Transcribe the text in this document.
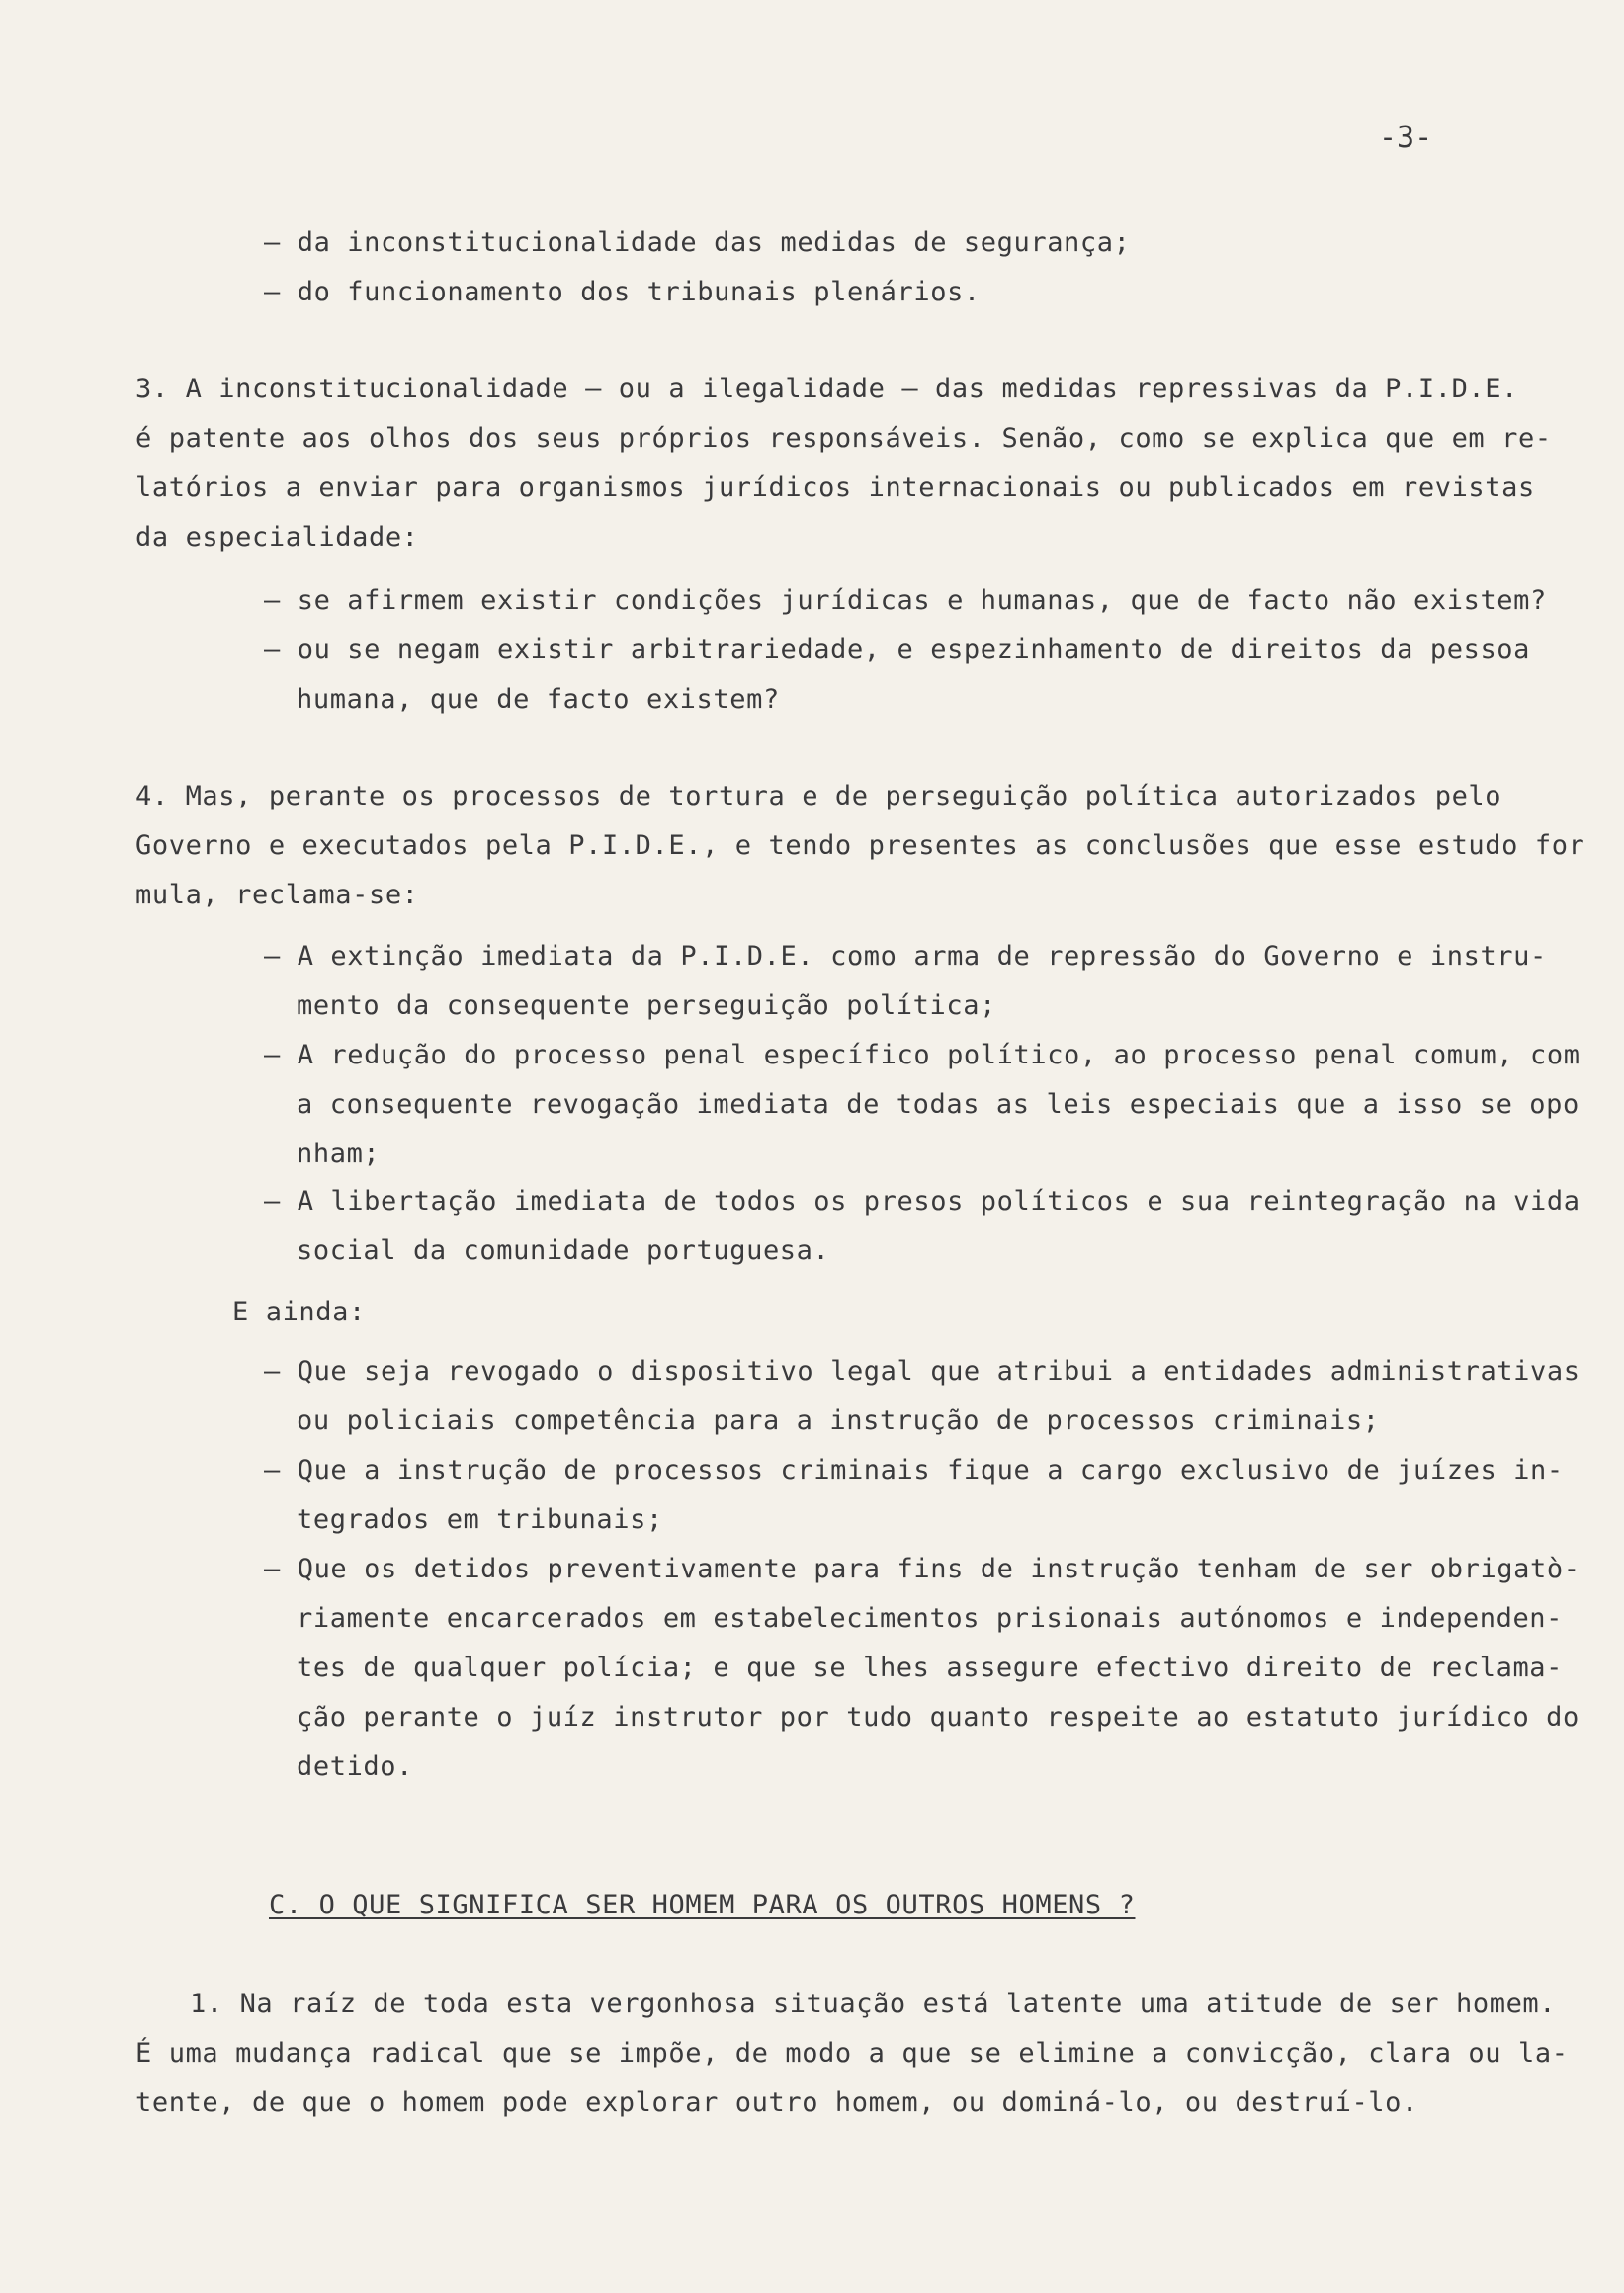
-3-
– da inconstitucionalidade das medidas de segurança;
– do funcionamento dos tribunais plenários.
3. A inconstitucionalidade – ou a ilegalidade – das medidas repressivas da P.I.D.E.
é patente aos olhos dos seus próprios responsáveis. Senão, como se explica que em re-
latórios a enviar para organismos jurídicos internacionais ou publicados em revistas
da especialidade:
– se afirmem existir condições jurídicas e humanas, que de facto não existem?
– ou se negam existir arbitrariedade, e espezinhamento de direitos da pessoa
humana, que de facto existem?
4. Mas, perante os processos de tortura e de perseguição política autorizados pelo
Governo e executados pela P.I.D.E., e tendo presentes as conclusões que esse estudo for
mula, reclama-se:
– A extinção imediata da P.I.D.E. como arma de repressão do Governo e instru-
mento da consequente perseguição política;
– A redução do processo penal específico político, ao processo penal comum, com
a consequente revogação imediata de todas as leis especiais que a isso se opo
nham;
– A libertação imediata de todos os presos políticos e sua reintegração na vida
social da comunidade portuguesa.
E ainda:
– Que seja revogado o dispositivo legal que atribui a entidades administrativas
ou policiais competência para a instrução de processos criminais;
– Que a instrução de processos criminais fique a cargo exclusivo de juízes in-
tegrados em tribunais;
– Que os detidos preventivamente para fins de instrução tenham de ser obrigatò-
riamente encarcerados em estabelecimentos prisionais autónomos e independen-
tes de qualquer polícia; e que se lhes assegure efectivo direito de reclama-
ção perante o juíz instrutor por tudo quanto respeite ao estatuto jurídico do
detido.
C. O QUE SIGNIFICA SER HOMEM PARA OS OUTROS HOMENS ?
1. Na raíz de toda esta vergonhosa situação está latente uma atitude de ser homem.
É uma mudança radical que se impõe, de modo a que se elimine a convicção, clara ou la-
tente, de que o homem pode explorar outro homem, ou dominá-lo, ou destruí-lo.
